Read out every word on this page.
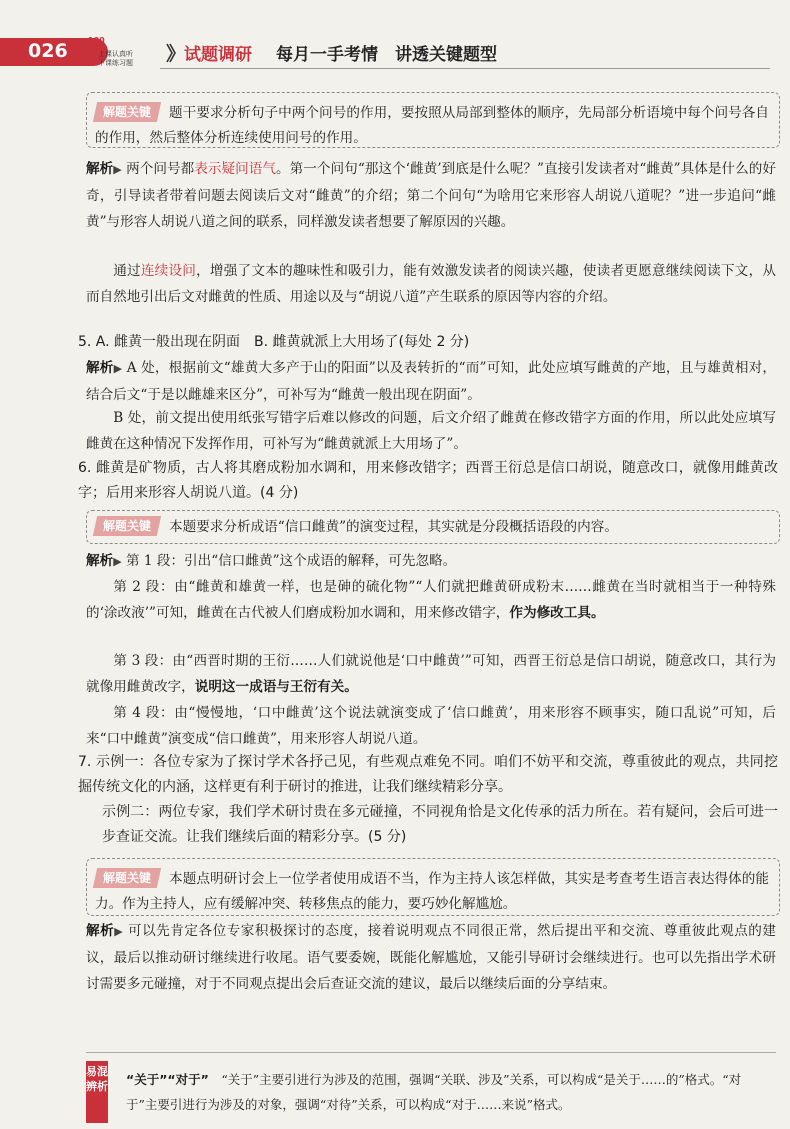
026	100
上课认真听
下课练习题	试题调研 每月一手考情　讲透关键题型
解题关键 题干要求分析句子中两个问号的作用，要按照从局部到整体的顺序，先局部分析语境中每个问号各自的作用，然后整体分析连续使用问号的作用。
解析▶ 两个问号都表示疑问语气。第一个问句“那这个‘雌黄’到底是什么呢？”直接引发读者对“雌黄”具体是什么的好奇，引导读者带着问题去阅读后文对“雌黄”的介绍；第二个问句“为啥用它来形容人胡说八道呢？”进一步追问“雌黄”与形容人胡说八道之间的联系，同样激发读者想要了解原因的兴趣。
通过连续设问，增强了文本的趣味性和吸引力，能有效激发读者的阅读兴趣，使读者更愿意继续阅读下文，从而自然地引出后文对雌黄的性质、用途以及与“胡说八道”产生联系的原因等内容的介绍。
5. A. 雌黄一般出现在阴面　B. 雌黄就派上大用场了(每处 2 分)
解析▶ A 处，根据前文“雄黄大多产于山的阳面”以及表转折的“而”可知，此处应填写雌黄的产地，且与雄黄相对，结合后文“于是以雌雄来区分”，可补写为“雌黄一般出现在阴面”。
B 处，前文提出使用纸张写错字后难以修改的问题，后文介绍了雌黄在修改错字方面的作用，所以此处应填写雌黄在这种情况下发挥作用，可补写为“雌黄就派上大用场了”。
6. 雌黄是矿物质，古人将其磨成粉加水调和，用来修改错字；西晋王衍总是信口胡说，随意改口，就像用雌黄改字；后用来形容人胡说八道。(4 分)
解题关键 本题要求分析成语“信口雌黄”的演变过程，其实就是分段概括语段的内容。
解析▶ 第 1 段：引出“信口雌黄”这个成语的解释，可先忽略。
第 2 段：由“雌黄和雄黄一样，也是砷的硫化物”“人们就把雌黄研成粉末……雌黄在当时就相当于一种特殊的‘涂改液’”可知，雌黄在古代被人们磨成粉加水调和，用来修改错字，作为修改工具。
第 3 段：由“西晋时期的王衍……人们就说他是‘口中雌黄’”可知，西晋王衍总是信口胡说，随意改口，其行为就像用雌黄改字，说明这一成语与王衍有关。
第 4 段：由“慢慢地，‘口中雌黄’这个说法就演变成了‘信口雌黄’，用来形容不顾事实，随口乱说”可知，后来“口中雌黄”演变成“信口雌黄”，用来形容人胡说八道。
7. 示例一：各位专家为了探讨学术各抒己见，有些观点难免不同。咱们不妨平和交流，尊重彼此的观点，共同挖掘传统文化的内涵，这样更有利于研讨的推进，让我们继续精彩分享。
示例二：两位专家，我们学术研讨贵在多元碰撞，不同视角恰是文化传承的活力所在。若有疑问，会后可进一步查证交流。让我们继续后面的精彩分享。(5 分)
解题关键 本题点明研讨会上一位学者使用成语不当，作为主持人该怎样做，其实是考查考生语言表达得体的能力。作为主持人，应有缓解冲突、转移焦点的能力，要巧妙化解尴尬。
解析▶ 可以先肯定各位专家积极探讨的态度，接着说明观点不同很正常，然后提出平和交流、尊重彼此观点的建议，最后以推动研讨继续进行收尾。语气要委婉，既能化解尴尬，又能引导研讨会继续进行。也可以先指出学术研讨需要多元碰撞，对于不同观点提出会后查证交流的建议，最后以继续后面的分享结束。
易混辨析 “关于”“对于”　 “关于”主要引进行为涉及的范围，强调“关联、涉及”关系，可以构成“是关于……的”格式。“对于”主要引进行为涉及的对象，强调“对待”关系，可以构成“对于……来说”格式。
